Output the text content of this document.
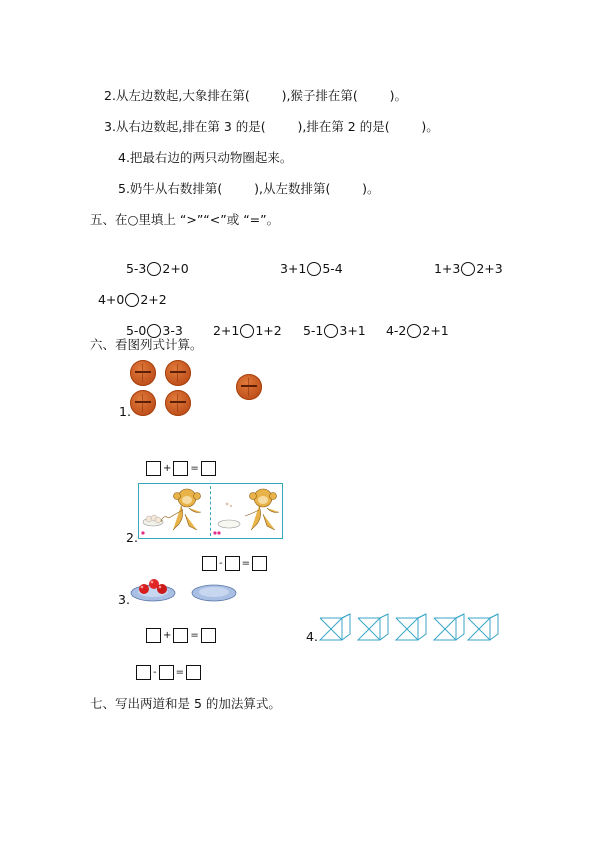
2.从左边数起,大象排在第(        ),猴子排在第(        )。
3.从右边数起,排在第 3 的是(        ),排在第 2 的是(        )。
4.把最右边的两只动物圈起来。
5.奶牛从右数排第(        ),从左数排第(        )。
五、在○里填上 “>”“<”或 “=”。

5-3 2+0	3+1 5-4	1+3 2+3

4+0 2+2

5-0 3-3	2+1 1+2	5-1 3+1	4-2 2+1

六、看图列式计算。
1.
+ =
2.
- =
3.
+ =	4.
- =
七、写出两道和是 5 的加法算式。
